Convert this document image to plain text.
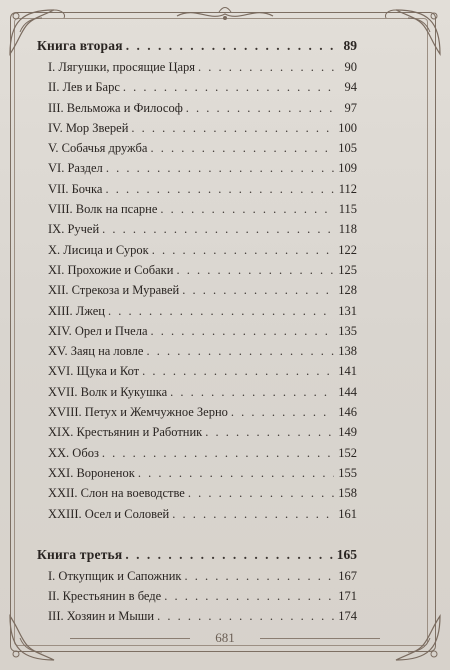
Книга вторая . . .	89
I. Лягушки, просящие Царя . . .	90
II. Лев и Барс . . .	94
III. Вельможа и Философ . . .	97
IV. Мор Зверей . . .	100
V. Собачья дружба . . .	105
VI. Раздел . . .	109
VII. Бочка . . .	112
VIII. Волк на псарне . . .	115
IX. Ручей . . .	118
X. Лисица и Сурок . . .	122
XI. Прохожие и Собаки . . .	125
XII. Стрекоза и Муравей . . .	128
XIII. Лжец . . .	131
XIV. Орел и Пчела . . .	135
XV. Заяц на ловле . . .	138
XVI. Щука и Кот . . .	141
XVII. Волк и Кукушка . . .	144
XVIII. Петух и Жемчужное Зерно . . .	146
XIX. Крестьянин и Работник . . .	149
XX. Обоз . . .	152
XXI. Вороненок . . .	155
XXII. Слон на воеводстве . . .	158
XXIII. Осел и Соловей . . .	161
Книга третья . . .	165
I. Откупщик и Сапожник . . .	167
II. Крестьянин в беде . . .	171
III. Хозяин и Мыши . . .	174
681
